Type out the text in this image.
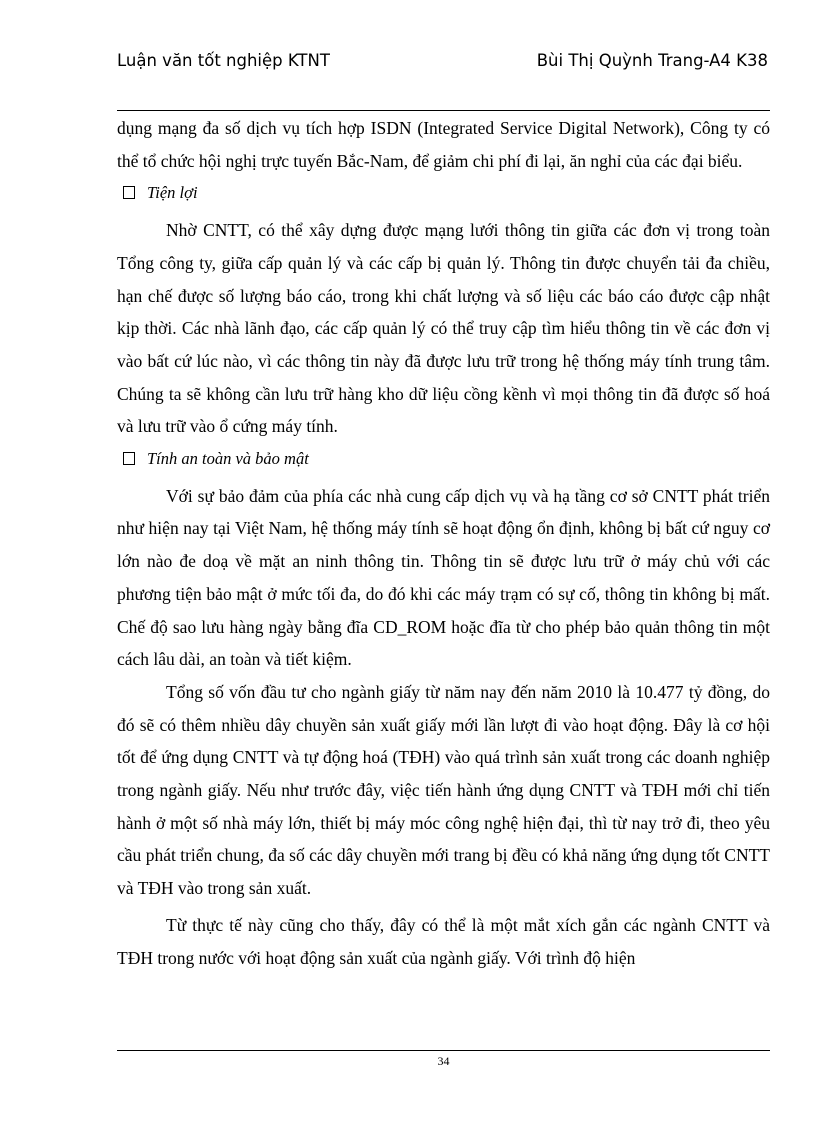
Luận văn tốt nghiệp KTNT	Bùi Thị Quỳnh Trang-A4 K38

dụng mạng đa số dịch vụ tích hợp ISDN (Integrated Service Digital Network), Công ty có thể tổ chức hội nghị trực tuyến Bắc-Nam, để giảm chi phí đi lại, ăn nghỉ của các đại biểu.

Tiện lợi

Nhờ CNTT, có thể xây dựng được mạng lưới thông tin giữa các đơn vị trong toàn Tổng công ty, giữa cấp quản lý và các cấp bị quản lý. Thông tin được chuyển tải đa chiều, hạn chế được số lượng báo cáo, trong khi chất lượng và số liệu các báo cáo được cập nhật kịp thời. Các nhà lãnh đạo, các cấp quản lý có thể truy cập tìm hiểu thông tin về các đơn vị vào bất cứ lúc nào, vì các thông tin này đã được lưu trữ trong hệ thống máy tính trung tâm. Chúng ta sẽ không cần lưu trữ hàng kho dữ liệu cồng kềnh vì mọi thông tin đã được số hoá và lưu trữ vào ổ cứng máy tính.

Tính an toàn và bảo mật

Với sự bảo đảm của phía các nhà cung cấp dịch vụ và hạ tầng cơ sở CNTT phát triển như hiện nay tại Việt Nam, hệ thống máy tính sẽ hoạt động ổn định, không bị bất cứ nguy cơ lớn nào đe doạ về mặt an ninh thông tin. Thông tin sẽ được lưu trữ ở máy chủ với các phương tiện bảo mật ở mức tối đa, do đó khi các máy trạm có sự cố, thông tin không bị mất. Chế độ sao lưu hàng ngày bằng đĩa CD_ROM hoặc đĩa từ cho phép bảo quản thông tin một cách lâu dài, an toàn và tiết kiệm.

Tổng số vốn đầu tư cho ngành giấy từ năm nay đến năm 2010 là 10.477 tỷ đồng, do đó sẽ có thêm nhiều dây chuyền sản xuất giấy mới lần lượt đi vào hoạt động. Đây là cơ hội tốt để ứng dụng CNTT và tự động hoá (TĐH) vào quá trình sản xuất trong các doanh nghiệp trong ngành giấy. Nếu như trước đây, việc tiến hành ứng dụng CNTT và TĐH mới chỉ tiến hành ở một số nhà máy lớn, thiết bị máy móc công nghệ hiện đại, thì từ nay trở đi, theo yêu cầu phát triển chung, đa số các dây chuyền mới trang bị đều có khả năng ứng dụng tốt CNTT và TĐH vào trong sản xuất.

Từ thực tế này cũng cho thấy, đây có thể là một mắt xích gắn các ngành CNTT và TĐH trong nước với hoạt động sản xuất của ngành giấy. Với trình độ hiện

34
